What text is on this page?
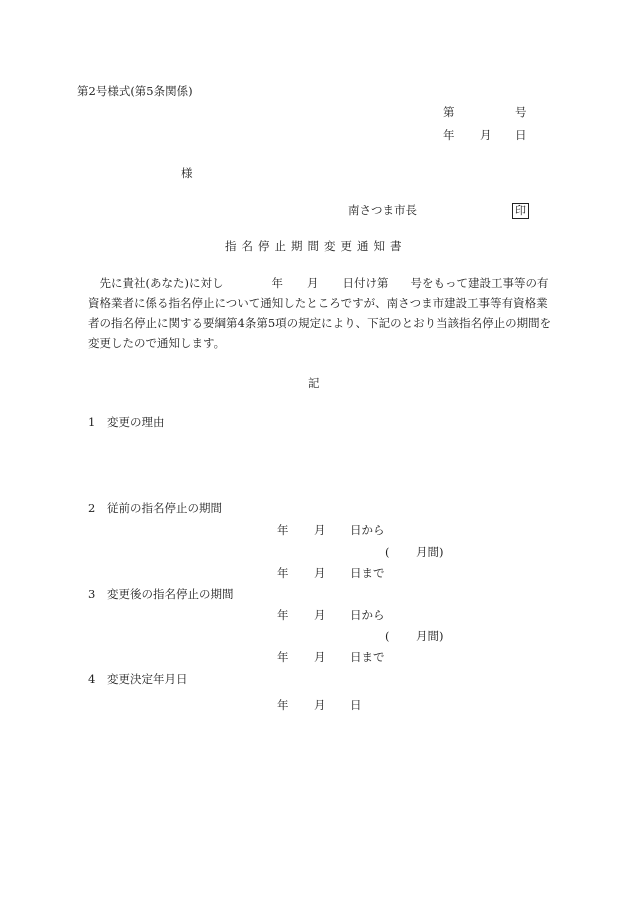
第2号様式(第5条関係)
第	号
年 月 日
様
南さつま市長	印
指名停止期間変更通知書
先に貴社(あなた)に対し	年 月 日付け第 号をもって建設工事等の有資格業者に係る指名停止について通知したところですが、南さつま市建設工事等有資格業者の指名停止に関する要綱第4条第5項の規定により、下記のとおり当該指名停止の期間を変更したので通知します。
記
1 変更の理由
2 従前の指名停止の期間
年 月 日から
( 月間)
年 月 日まで
3 変更後の指名停止の期間
年 月 日から
( 月間)
年 月 日まで
4 変更決定年月日
年 月 日
